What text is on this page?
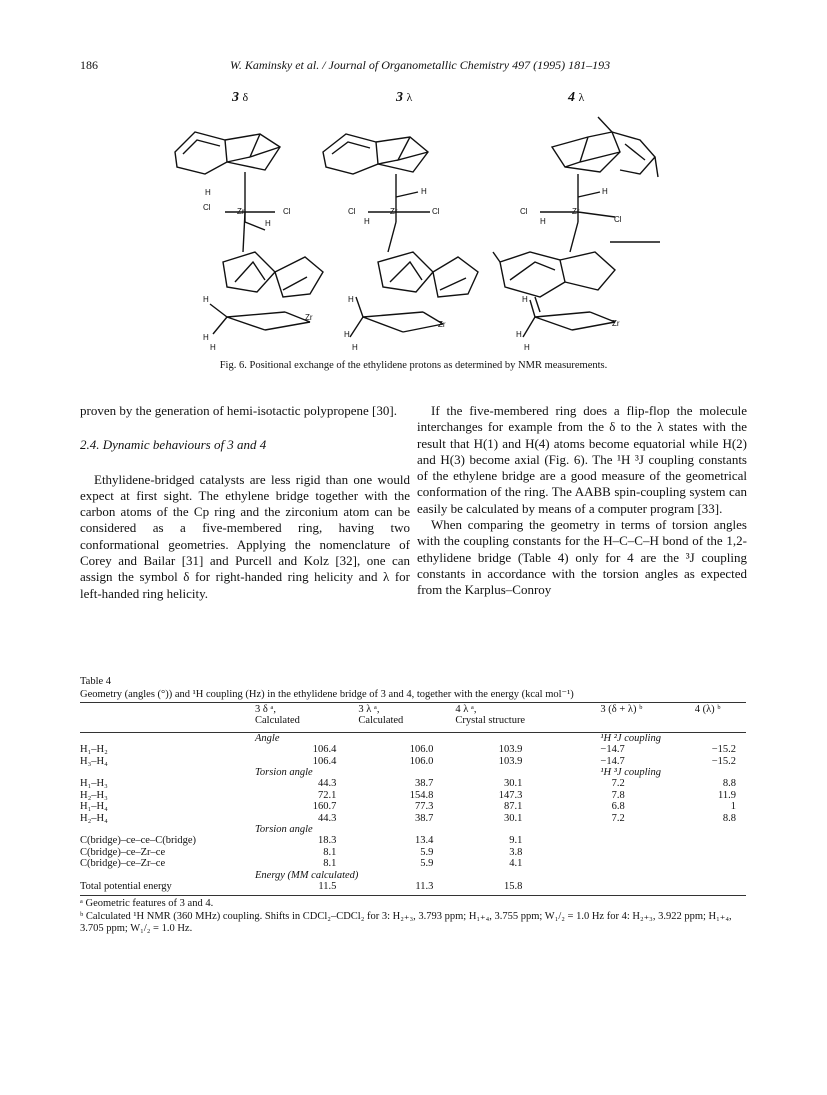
186	W. Kaminsky et al. / Journal of Organometallic Chemistry 497 (1995) 181–193
3 δ	3 λ	4 λ
H
Cl	Zr	Cl
H
H
Zr
H
H
H
Cl	Zr	Cl
H
H
Zr
H
H
H
Cl	Zr
Cl
H
H
Zr
H
H
Fig. 6. Positional exchange of the ethylidene protons as determined by NMR measurements.

proven by the generation of hemi-isotactic polypropene [30].

2.4. Dynamic behaviours of 3 and 4

Ethylidene-bridged catalysts are less rigid than one would expect at first sight. The ethylene bridge together with the carbon atoms of the Cp ring and the zirconium atom can be considered as a five-membered ring, having two conformational geometries. Applying the nomenclature of Corey and Bailar [31] and Purcell and Kolz [32], one can assign the symbol δ for right-handed ring helicity and λ for left-handed ring helicity.

If the five-membered ring does a flip-flop the molecule interchanges for example from the δ to the λ states with the result that H(1) and H(4) atoms become equatorial while H(2) and H(3) become axial (Fig. 6). The ¹H ³J coupling constants of the ethylene bridge are a good measure of the geometrical conformation of the ring. The AABB spin-coupling system can easily be calculated by means of a computer program [33].

When comparing the geometry in terms of torsion angles with the coupling constants for the H–C–C–H bond of the 1,2-ethylidene bridge (Table 4) only for 4 are the ³J coupling constants in accordance with the torsion angles as expected from the Karplus–Conroy

Table 4
Geometry (angles (°)) and ¹H coupling (Hz) in the ethylidene bridge of 3 and 4, together with the energy (kcal mol⁻¹)
	3 δ ᵃ,	3 λ ᵃ,	4 λ ᵃ,	3 (δ + λ) ᵇ	4 (λ) ᵇ
	Calculated	Calculated	Crystal structure		

	Angle			¹H ²J coupling	
H₁–H₂	106.4	106.0	103.9	−14.7	−15.2
H₃–H₄	106.4	106.0	103.9	−14.7	−15.2
	Torsion angle			¹H ³J coupling	
H₁–H₃	44.3	38.7	30.1	7.2	8.8
H₂–H₃	72.1	154.8	147.3	7.8	11.9
H₁–H₄	160.7	77.3	87.1	6.8	1
H₂–H₄	44.3	38.7	30.1	7.2	8.8
	Torsion angle				
C(bridge)–ce–ce–C(bridge)	18.3	13.4	9.1		
C(bridge)–ce–Zr–ce	8.1	5.9	3.8		
C(bridge)–ce–Zr–ce	8.1	5.9	4.1		
	Energy (MM calculated)				
Total potential energy	11.5	11.3	15.8		
ᵃ Geometric features of 3 and 4.
ᵇ Calculated ¹H NMR (360 MHz) coupling. Shifts in CDCl₂–CDCl₂ for 3: H₂₊₃, 3.793 ppm; H₁₊₄, 3.755 ppm; W₁/₂ = 1.0 Hz for 4: H₂₊₃, 3.922 ppm; H₁₊₄, 3.705 ppm; W₁/₂ = 1.0 Hz.
